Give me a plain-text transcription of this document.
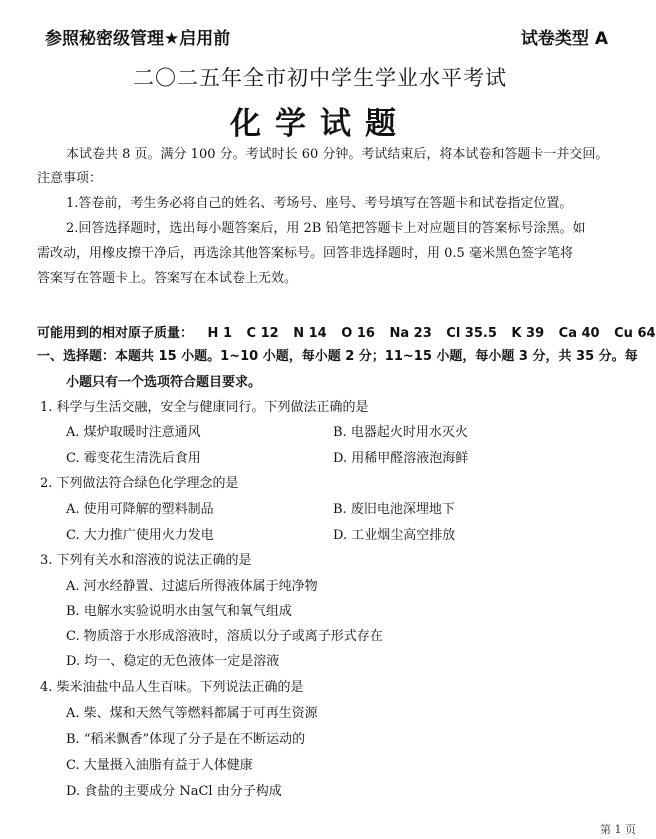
参照秘密级管理★启用前	试卷类型 A
二〇二五年全市初中学生学业水平考试
化学试题
本试卷共 8 页。满分 100 分。考试时长 60 分钟。考试结束后，将本试卷和答题卡一并交回。
注意事项：
1.答卷前，考生务必将自己的姓名、考场号、座号、考号填写在答题卡和试卷指定位置。
2.回答选择题时，选出每小题答案后，用 2B 铅笔把答题卡上对应题目的答案标号涂黑。如
需改动，用橡皮擦干净后，再选涂其他答案标号。回答非选择题时，用 0.5 毫米黑色签字笔将
答案写在答题卡上。答案写在本试卷上无效。
可能用到的相对原子质量： H 1 C 12 N 14 O 16 Na 23 Cl 35.5 K 39 Ca 40 Cu 64
一、选择题：本题共 15 小题。1~10 小题，每小题 2 分；11~15 小题，每小题 3 分，共 35 分。每
小题只有一个选项符合题目要求。
1. 科学与生活交融，安全与健康同行。下列做法正确的是
A. 煤炉取暖时注意通风	B. 电器起火时用水灭火
C. 霉变花生清洗后食用	D. 用稀甲醛溶液泡海鲜
2. 下列做法符合绿色化学理念的是
A. 使用可降解的塑料制品	B. 废旧电池深埋地下
C. 大力推广使用火力发电	D. 工业烟尘高空排放
3. 下列有关水和溶液的说法正确的是
A. 河水经静置、过滤后所得液体属于纯净物
B. 电解水实验说明水由氢气和氧气组成
C. 物质溶于水形成溶液时，溶质以分子或离子形式存在
D. 均一、稳定的无色液体一定是溶液
4. 柴米油盐中品人生百味。下列说法正确的是
A. 柴、煤和天然气等燃料都属于可再生资源
B. “稻米飘香”体现了分子是在不断运动的
C. 大量摄入油脂有益于人体健康
D. 食盐的主要成分 NaCl 由分子构成
第 1 页
